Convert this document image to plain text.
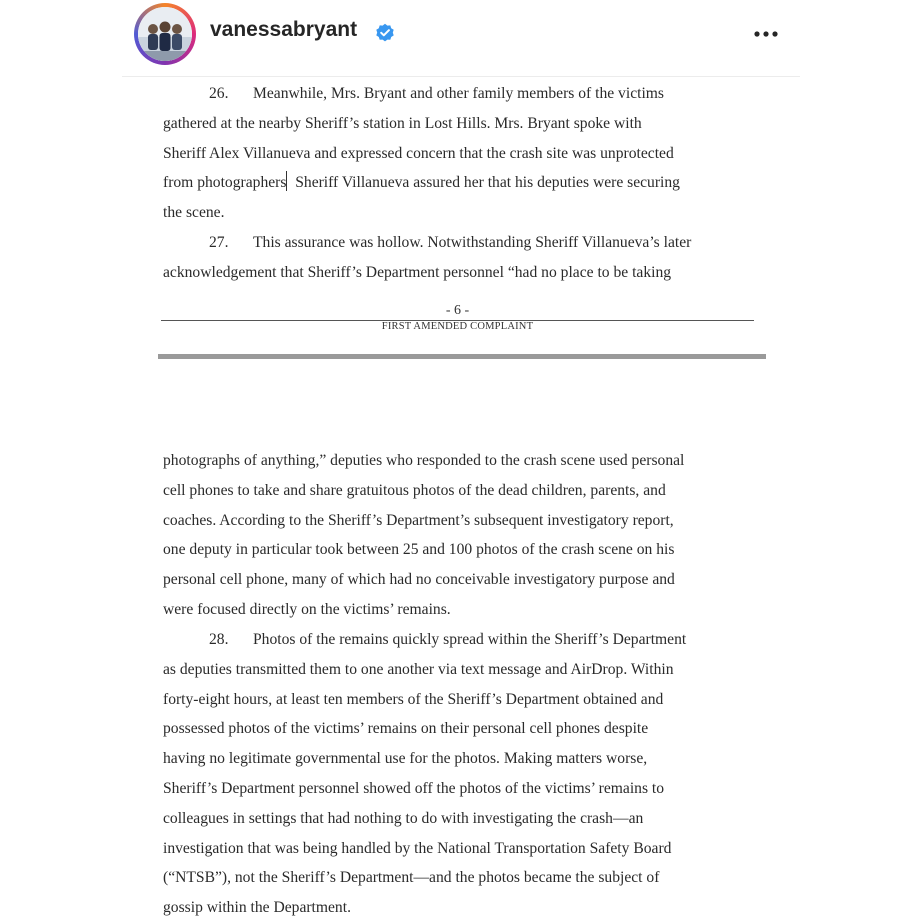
vanessabryant

26. Meanwhile, Mrs. Bryant and other family members of the victims
gathered at the nearby Sheriff’s station in Lost Hills. Mrs. Bryant spoke with
Sheriff Alex Villanueva and expressed concern that the crash site was unprotected
from photographers Sheriff Villanueva assured her that his deputies were securing
the scene.

27. This assurance was hollow. Notwithstanding Sheriff Villanueva’s later
acknowledgement that Sheriff’s Department personnel “had no place to be taking

- 6 -
FIRST AMENDED COMPLAINT

photographs of anything,” deputies who responded to the crash scene used personal
cell phones to take and share gratuitous photos of the dead children, parents, and
coaches. According to the Sheriff’s Department’s subsequent investigatory report,
one deputy in particular took between 25 and 100 photos of the crash scene on his
personal cell phone, many of which had no conceivable investigatory purpose and
were focused directly on the victims’ remains.

28. Photos of the remains quickly spread within the Sheriff’s Department
as deputies transmitted them to one another via text message and AirDrop. Within
forty-eight hours, at least ten members of the Sheriff’s Department obtained and
possessed photos of the victims’ remains on their personal cell phones despite
having no legitimate governmental use for the photos. Making matters worse,
Sheriff’s Department personnel showed off the photos of the victims’ remains to
colleagues in settings that had nothing to do with investigating the crash—an
investigation that was being handled by the National Transportation Safety Board
(“NTSB”), not the Sheriff’s Department—and the photos became the subject of
gossip within the Department.
